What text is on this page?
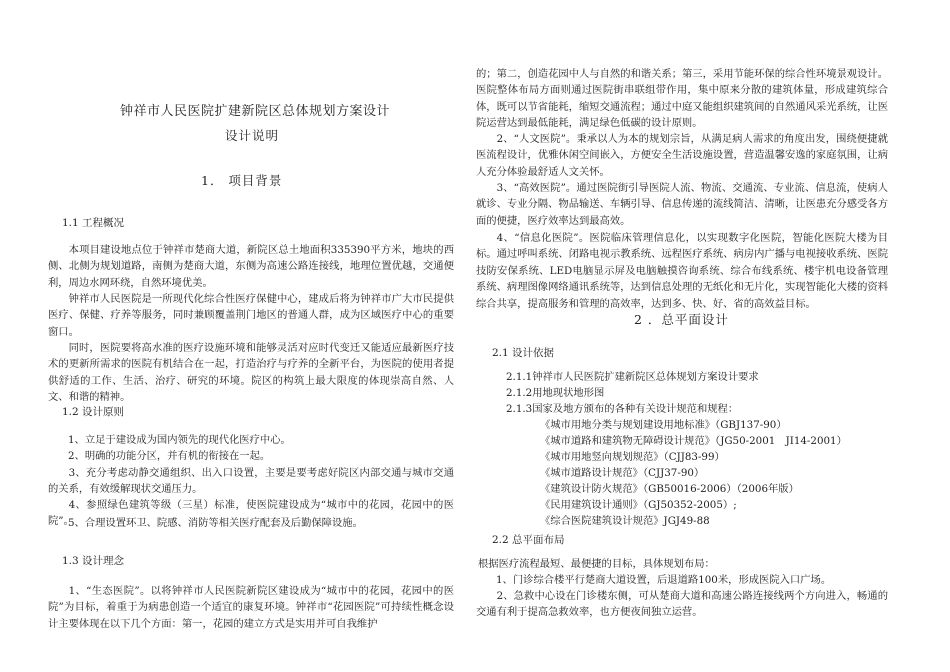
钟祥市人民医院扩建新院区总体规划方案设计
设计说明
1． 项目背景
1.1 工程概况

本项目建设地点位于钟祥市楚商大道，新院区总土地面积335390平方米，地块的西侧、北侧为规划道路，南侧为楚商大道，东侧为高速公路连接线，地理位置优越，交通便利，周边水网环绕，自然环境优美。

钟祥市人民医院是一所现代化综合性医疗保健中心，建成后将为钟祥市广大市民提供医疗、保健、疗养等服务，同时兼顾覆盖荆门地区的普通人群，成为区域医疗中心的重要窗口。

同时，医院要将高水准的医疗设施环境和能够灵活对应时代变迁又能适应最新医疗技术的更新所需求的医院有机结合在一起，打造治疗与疗养的全新平台，为医院的使用者提供舒适的工作、生活、治疗、研究的环境。院区的构筑上最大限度的体现崇高自然、人文、和谐的精神。

1.2 设计原则
1、立足于建设成为国内领先的现代化医疗中心。
2、明确的功能分区，并有机的衔接在一起。

3、充分考虑动静交通组织、出入口设置，主要是要考虑好院区内部交通与城市交通的关系，有效缓解现状交通压力。

4、参照绿色建筑等级（三星）标准，使医院建设成为“城市中的花园，花园中的医院”。

5、合理设置环卫、院感、消防等相关医疗配套及后勤保障设施。
1.3 设计理念

1、“生态医院”。以将钟祥市人民医院新院区建设成为“城市中的花园，花园中的医院”为目标，着重于为病患创造一个适宜的康复环境。钟祥市“花园医院”可持续性概念设计主要体现在以下几个方面：第一，花园的建立方式是实用并可自我维护

的；第二，创造花园中人与自然的和谐关系；第三，采用节能环保的综合性环境景观设计。医院整体布局方面则通过医院街串联组带作用，集中原来分散的建筑体量，形成建筑综合体，既可以节省能耗，缩短交通流程；通过中庭又能组织建筑间的自然通风采光系统，让医院运营达到最低能耗，满足绿色低碳的设计原则。

2、“人文医院”。秉承以人为本的规划宗旨，从满足病人需求的角度出发，围绕便捷就医流程设计，优雅休闲空间嵌入，方便安全生活设施设置，营造温馨安逸的家庭氛围，让病人充分体验最舒适人文关怀。

3、“高效医院”。通过医院街引导医院人流、物流、交通流、专业流、信息流，使病人就诊、专业分隔、物品输送、车辆引导、信息传递的流线简洁、清晰，让医患充分感受各方面的便捷，医疗效率达到最高效。

4、“信息化医院”。医院临床管理信息化，以实现数字化医院，智能化医院大楼为目标。通过呼叫系统、闭路电视示教系统、远程医疗系统、病房内广播与电视接收系统、医院技防安保系统、LED电脑显示屏及电脑触摸咨询系统、综合布线系统、楼宇机电设备管理系统、病理图像网络通讯系统等，达到信息处理的无纸化和无片化，实现智能化大楼的资料综合共享，提高服务和管理的高效率，达到多、快、好、省的高效益目标。

2 ．总平面设计
2.1 设计依据
2.1.1钟祥市人民医院扩建新院区总体规划方案设计要求
2.1.2用地现状地形图
2.1.3国家及地方颁布的各种有关设计规范和规程：
《城市用地分类与规划建设用地标准》（GBJ137-90）
《城市道路和建筑物无障碍设计规范》（JG50-2001　JI14-2001）
《城市用地竖向规划规范》（CJJ83-99）
《城市道路设计规范》（CJJ37-90）
《建筑设计防火规范》（GB50016-2006）（2006年版）
《民用建筑设计通则》（GJ50352-2005）;
《综合医院建筑设计规范》JGJ49-88
2.2 总平面布局
根据医疗流程最短、最便捷的目标，具体规划布局：
1、门诊综合楼平行楚商大道设置，后退道路100米，形成医院入口广场。

2、急救中心设在门诊楼东侧，可从楚商大道和高速公路连接线两个方向进入，畅通的交通有利于提高急救效率，也方便夜间独立运营。
